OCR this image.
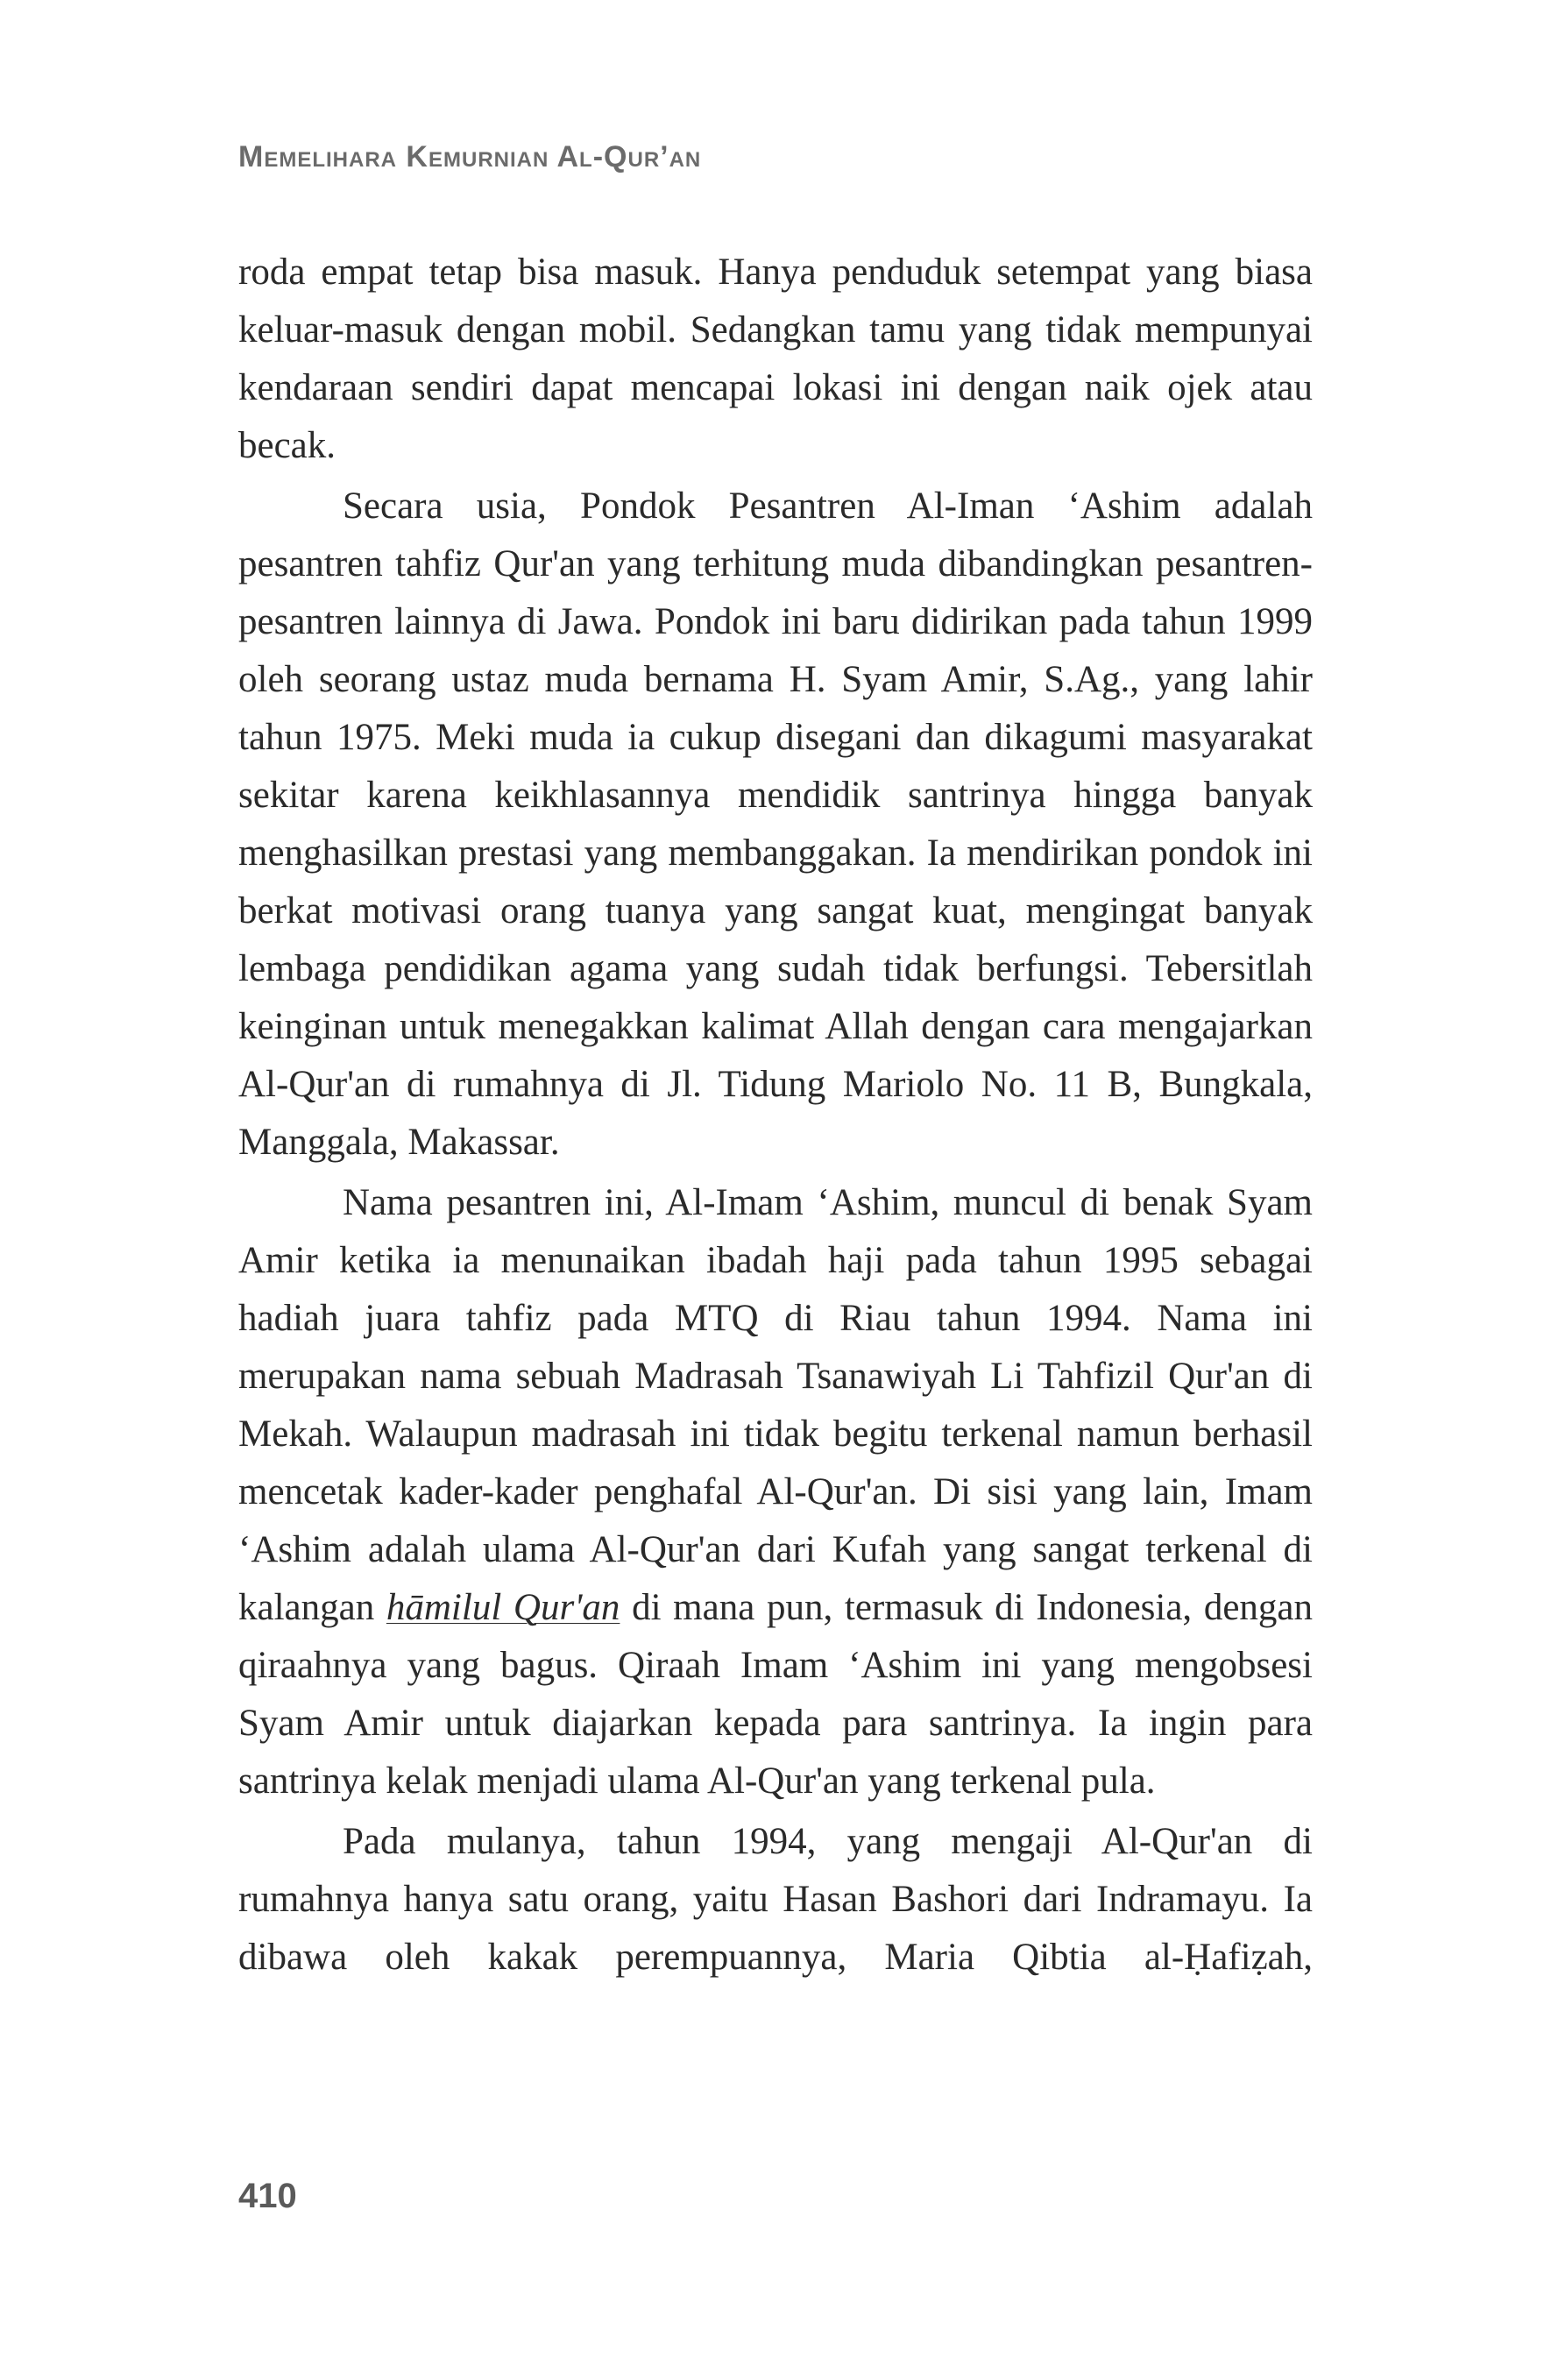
Memelihara Kemurnian Al-Qur’an

roda empat tetap bisa masuk. Hanya penduduk setempat yang biasa keluar-masuk dengan mobil. Sedangkan tamu yang tidak mempunyai kendaraan sendiri dapat mencapai lokasi ini dengan naik ojek atau becak.

Secara usia, Pondok Pesantren Al-Iman ‘Ashim adalah pesantren tahfiz Qur'an yang terhitung muda dibandingkan pesantren-pesantren lainnya di Jawa. Pondok ini baru didirikan pada tahun 1999 oleh seorang ustaz muda bernama H. Syam Amir, S.Ag., yang lahir tahun 1975. Meki muda ia cukup disegani dan dikagumi masyarakat sekitar karena keikhlasannya mendidik santrinya hingga banyak menghasilkan prestasi yang membanggakan. Ia mendirikan pondok ini berkat motivasi orang tuanya yang sangat kuat, mengingat banyak lembaga pendidikan agama yang sudah tidak berfungsi. Tebersitlah keinginan untuk menegakkan kalimat Allah dengan cara mengajarkan Al-Qur'an di rumahnya di Jl. Tidung Mariolo No. 11 B, Bungkala, Manggala, Makassar.

Nama pesantren ini, Al-Imam ‘Ashim, muncul di benak Syam Amir ketika ia menunaikan ibadah haji pada tahun 1995 sebagai hadiah juara tahfiz pada MTQ di Riau tahun 1994. Nama ini merupakan nama sebuah Madrasah Tsanawiyah Li Tahfizil Qur'an di Mekah. Walaupun madrasah ini tidak begitu terkenal namun berhasil mencetak kader-kader penghafal Al-Qur'an. Di sisi yang lain, Imam ‘Ashim adalah ulama Al-Qur'an dari Kufah yang sangat terkenal di kalangan hāmilul Qur'an di mana pun, termasuk di Indonesia, dengan qiraahnya yang bagus. Qiraah Imam ‘Ashim ini yang mengobsesi Syam Amir untuk diajarkan kepada para santrinya. Ia ingin para santrinya kelak menjadi ulama Al-Qur'an yang terkenal pula.

Pada mulanya, tahun 1994, yang mengaji Al-Qur'an di rumahnya hanya satu orang, yaitu Hasan Bashori dari Indramayu. Ia dibawa oleh kakak perempuannya, Maria Qibtia al-Ḥafiẓah,

410
